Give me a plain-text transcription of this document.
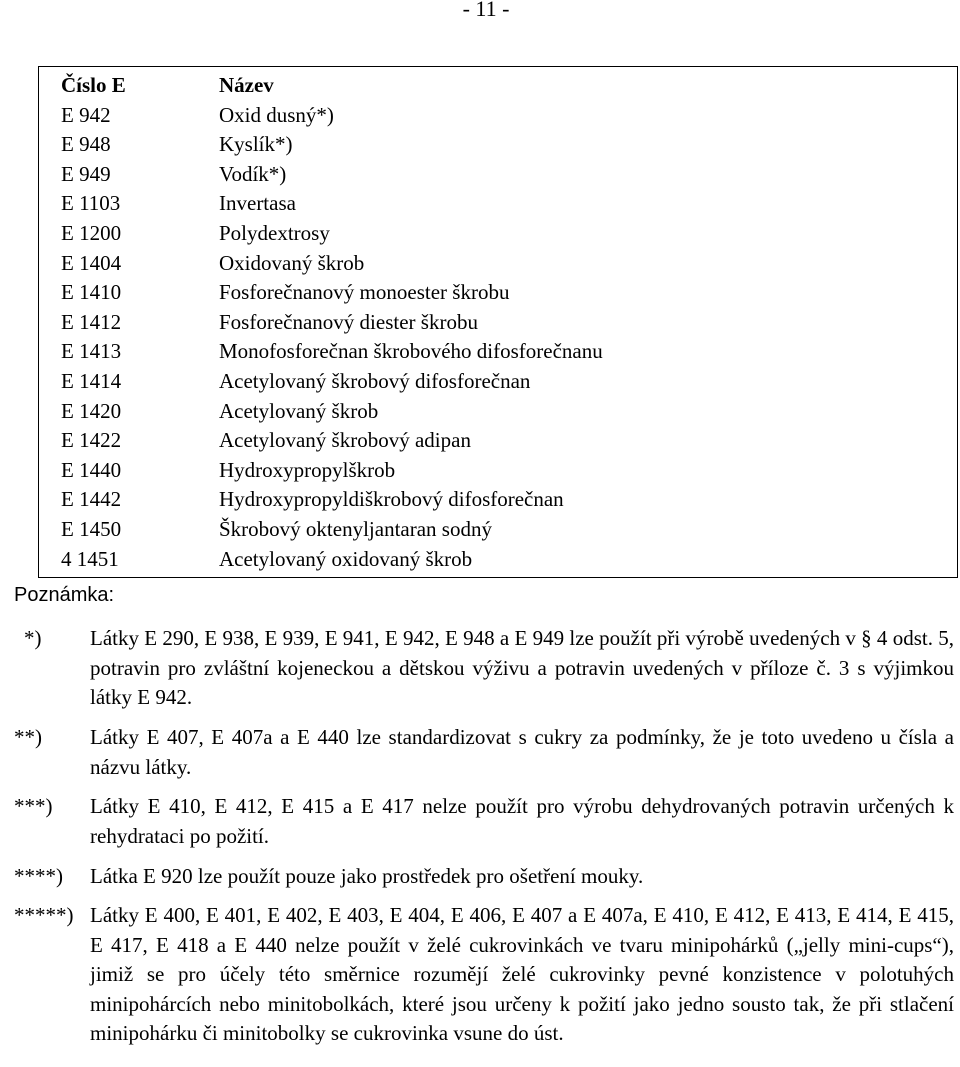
- 11 -
Číslo E	Název
E 942	Oxid dusný*)
E 948	Kyslík*)
E 949	Vodík*)
E 1103	Invertasa
E 1200	Polydextrosy
E 1404	Oxidovaný škrob
E 1410	Fosforečnanový monoester škrobu
E 1412	Fosforečnanový diester škrobu
E 1413	Monofosforečnan škrobového difosforečnanu
E 1414	Acetylovaný škrobový difosforečnan
E 1420	Acetylovaný škrob
E 1422	Acetylovaný škrobový adipan
E 1440	Hydroxypropylškrob
E 1442	Hydroxypropyldiškrobový difosforečnan
E 1450	Škrobový oktenyljantaran sodný
4 1451	Acetylovaný oxidovaný škrob
Poznámka:
*) Látky E 290, E 938, E 939, E 941, E 942, E 948 a E 949 lze použít při výrobě uvedených v § 4 odst. 5, potravin pro zvláštní kojeneckou a dětskou výživu a potravin uvedených v příloze č. 3 s výjimkou látky E 942.
**) Látky E 407, E 407a a E 440 lze standardizovat s cukry za podmínky, že je toto uvedeno u čísla a názvu látky.
***) Látky E 410, E 412, E 415 a E 417 nelze použít pro výrobu dehydrovaných potravin určených k rehydrataci po požití.
****) Látka E 920 lze použít pouze jako prostředek pro ošetření mouky.
*****) Látky E 400, E 401, E 402, E 403, E 404, E 406, E 407 a E 407a, E 410, E 412, E 413, E 414, E 415, E 417, E 418 a E 440 nelze použít v želé cukrovinkách ve tvaru minipohárků („jelly mini-cups“), jimiž se pro účely této směrnice rozumějí želé cukrovinky pevné konzistence v polotuhých minipohárcích nebo minitobolkách, které jsou určeny k požití jako jedno sousto tak, že při stlačení minipohárku či minitobolky se cukrovinka vsune do úst.
